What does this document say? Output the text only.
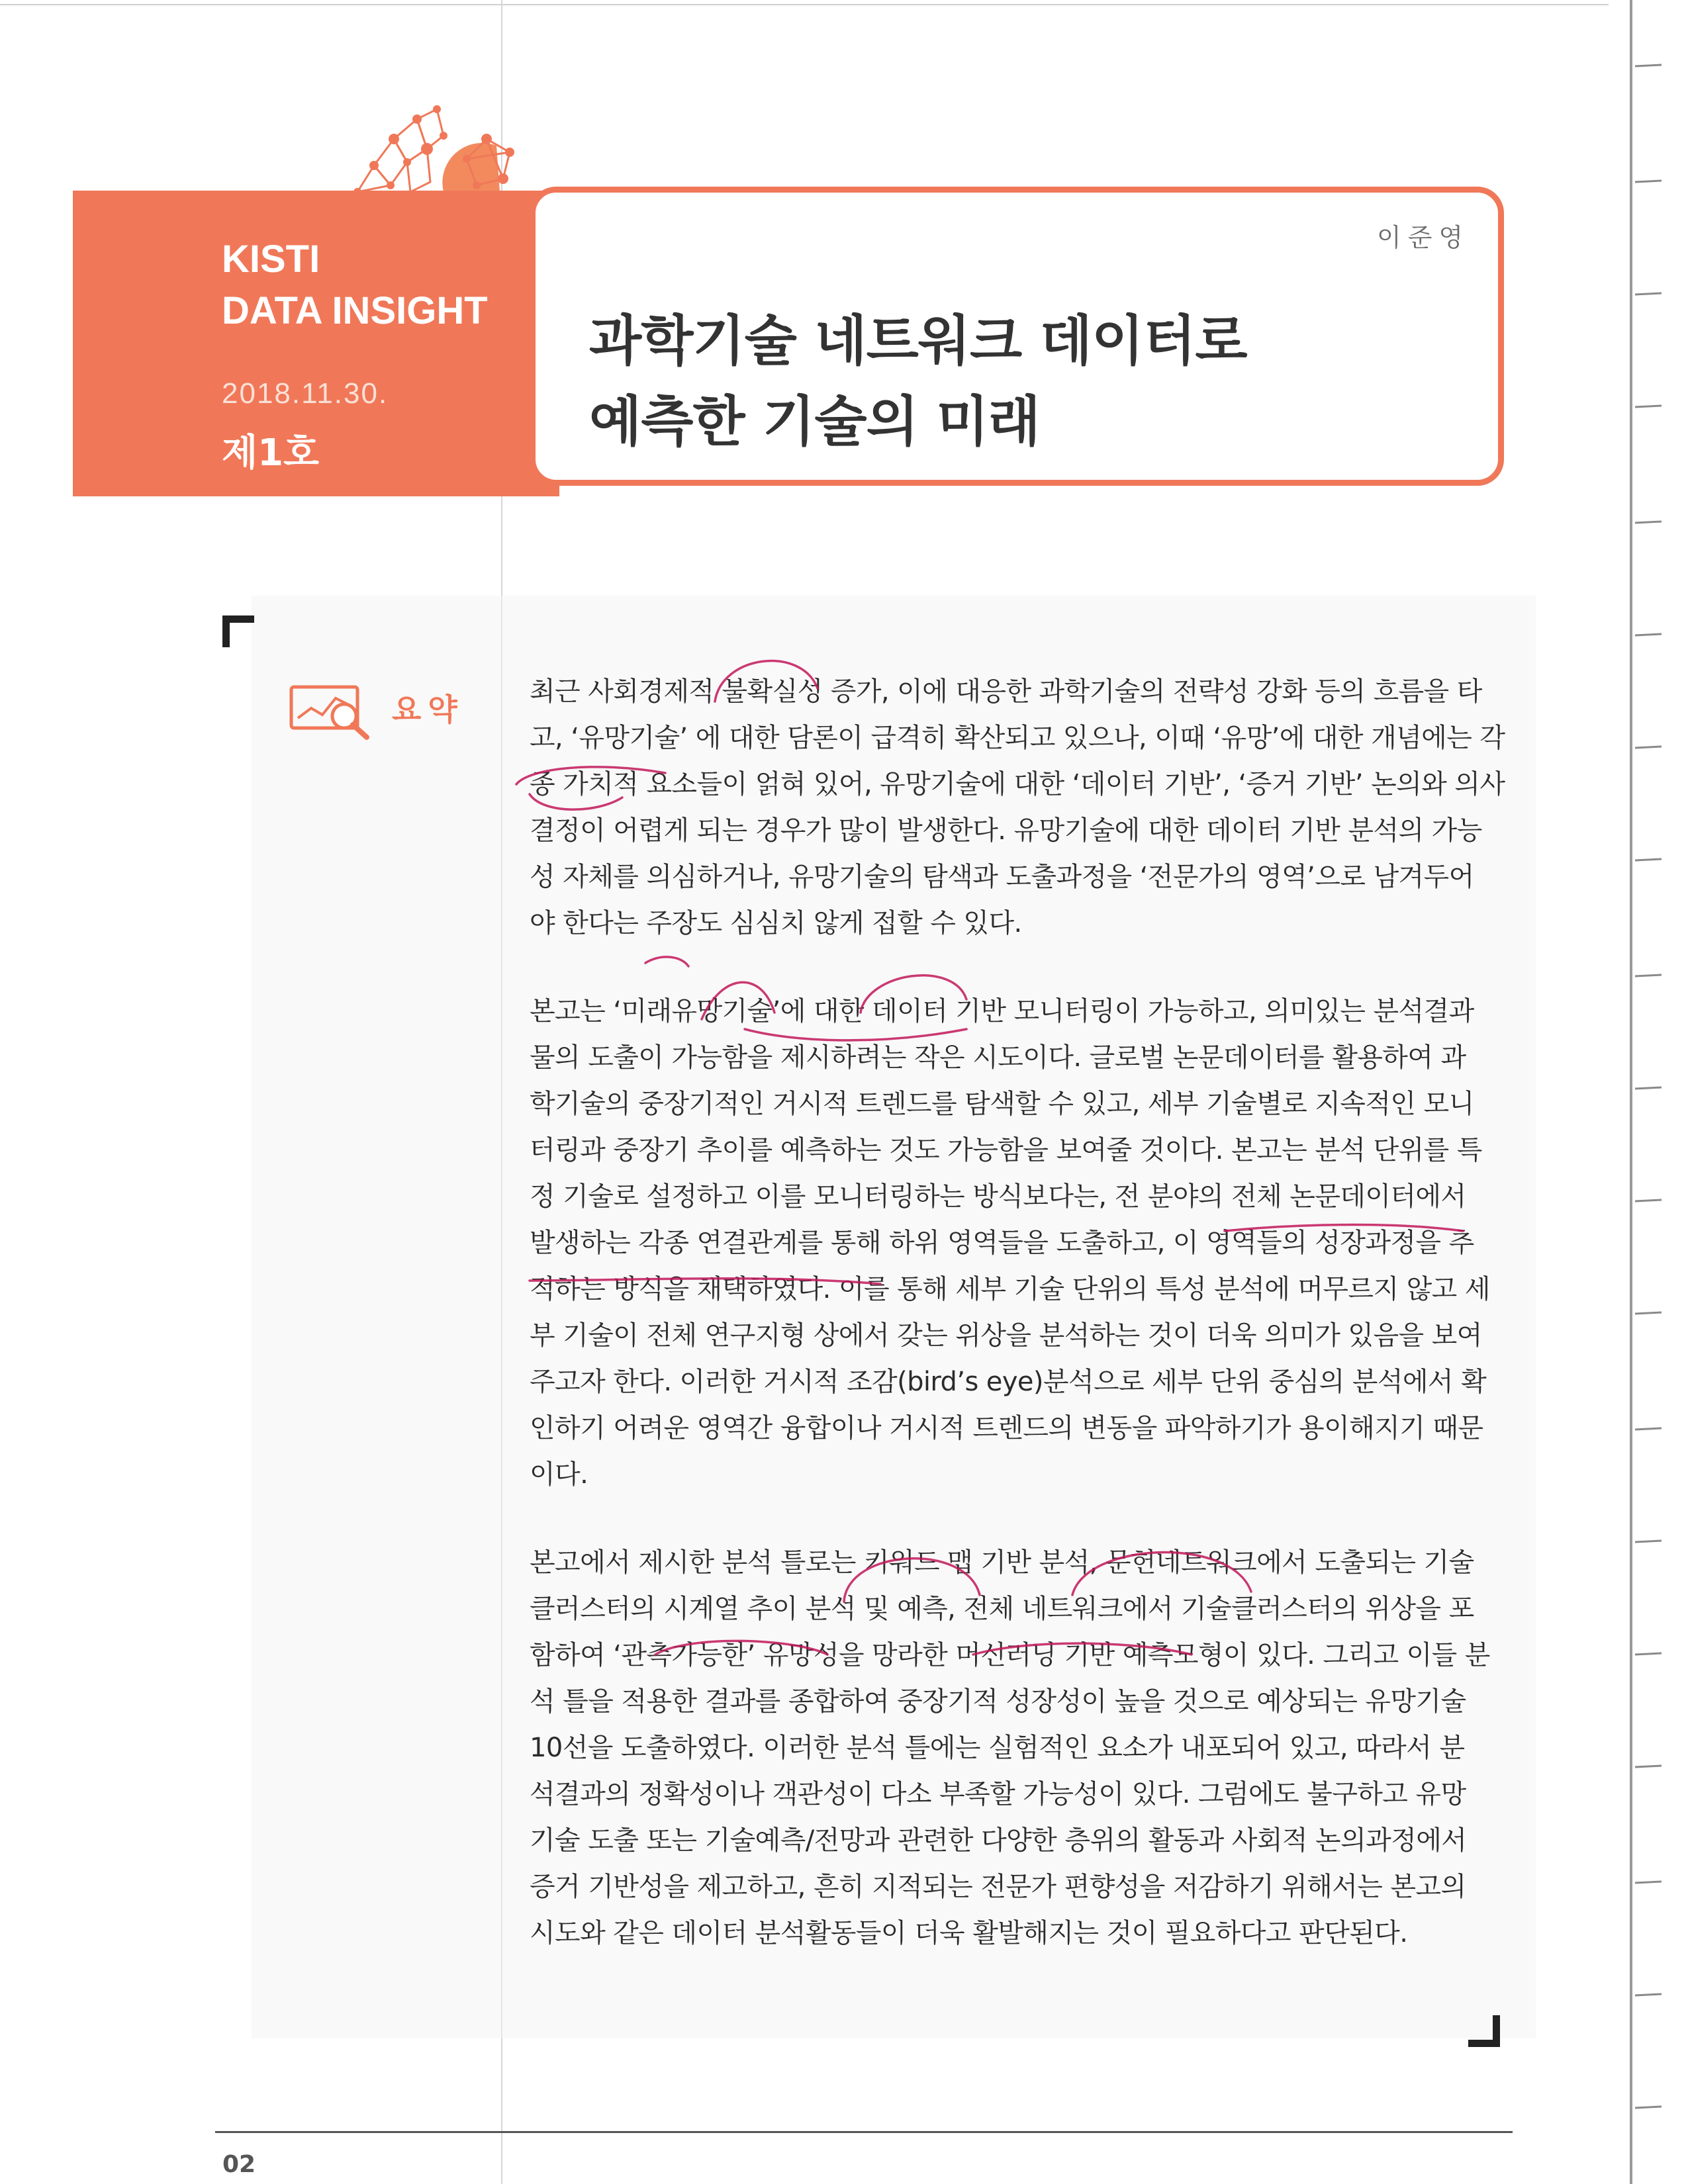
KISTI
DATA INSIGHT
2018.11.30.
제1호
이준영
과학기술 네트워크 데이터로
예측한 기술의 미래
요약 최근 사회경제적 불확실성 증가, 이에 대응한 과학기술의 전략성 강화 등의 흐름을 타
고, ‘유망기술’ 에 대한 담론이 급격히 확산되고 있으나, 이때 ‘유망’에 대한 개념에는 각
종 가치적 요소들이 얽혀 있어, 유망기술에 대한 ‘데이터 기반’, ‘증거 기반’ 논의와 의사
결정이 어렵게 되는 경우가 많이 발생한다. 유망기술에 대한 데이터 기반 분석의 가능
성 자체를 의심하거나, 유망기술의 탐색과 도출과정을 ‘전문가의 영역’으로 남겨두어
야 한다는 주장도 심심치 않게 접할 수 있다.

본고는 ‘미래유망기술’에 대한 데이터 기반 모니터링이 가능하고, 의미있는 분석결과
물의 도출이 가능함을 제시하려는 작은 시도이다. 글로벌 논문데이터를 활용하여 과
학기술의 중장기적인 거시적 트렌드를 탐색할 수 있고, 세부 기술별로 지속적인 모니
터링과 중장기 추이를 예측하는 것도 가능함을 보여줄 것이다. 본고는 분석 단위를 특
정 기술로 설정하고 이를 모니터링하는 방식보다는, 전 분야의 전체 논문데이터에서
발생하는 각종 연결관계를 통해 하위 영역들을 도출하고, 이 영역들의 성장과정을 추
적하는 방식을 채택하였다. 이를 통해 세부 기술 단위의 특성 분석에 머무르지 않고 세
부 기술이 전체 연구지형 상에서 갖는 위상을 분석하는 것이 더욱 의미가 있음을 보여
주고자 한다. 이러한 거시적 조감(bird’s eye)분석으로 세부 단위 중심의 분석에서 확
인하기 어려운 영역간 융합이나 거시적 트렌드의 변동을 파악하기가 용이해지기 때문
이다.

본고에서 제시한 분석 틀로는 키워드 맵 기반 분석, 문헌네트워크에서 도출되는 기술
클러스터의 시계열 추이 분석 및 예측, 전체 네트워크에서 기술클러스터의 위상을 포
함하여 ‘관측가능한’ 유망성을 망라한 머신러닝 기반 예측모형이 있다. 그리고 이들 분
석 틀을 적용한 결과를 종합하여 중장기적 성장성이 높을 것으로 예상되는 유망기술
10선을 도출하였다. 이러한 분석 틀에는 실험적인 요소가 내포되어 있고, 따라서 분
석결과의 정확성이나 객관성이 다소 부족할 가능성이 있다. 그럼에도 불구하고 유망
기술 도출 또는 기술예측/전망과 관련한 다양한 층위의 활동과 사회적 논의과정에서
증거 기반성을 제고하고, 흔히 지적되는 전문가 편향성을 저감하기 위해서는 본고의
시도와 같은 데이터 분석활동들이 더욱 활발해지는 것이 필요하다고 판단된다.

02
